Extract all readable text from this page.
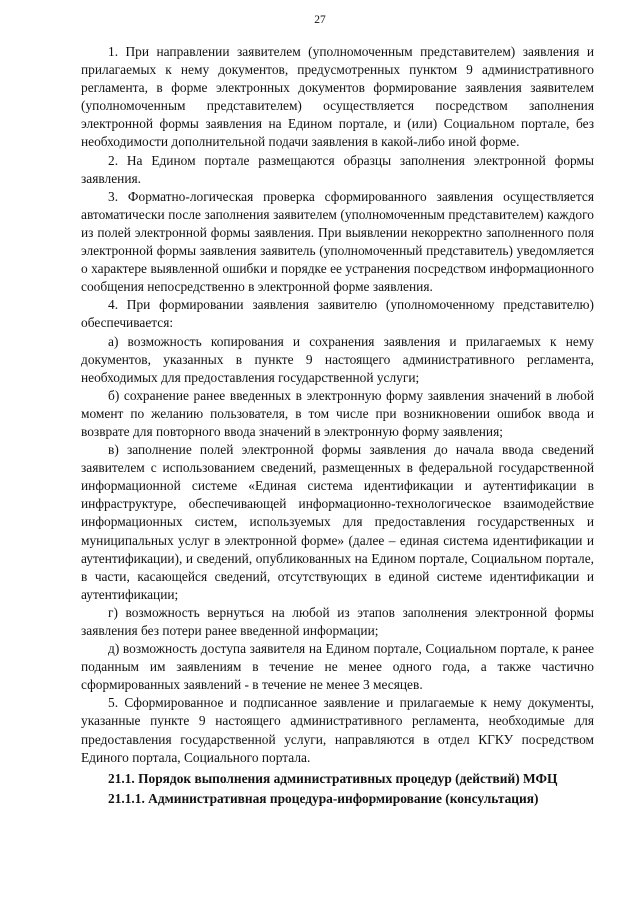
27

1. При направлении заявителем (уполномоченным представителем) заявления и прилагаемых к нему документов, предусмотренных пунктом 9 административного регламента, в форме электронных документов формирование заявления заявителем (уполномоченным представителем) осуществляется посредством заполнения электронной формы заявления на Едином портале, и (или) Социальном портале, без необходимости дополнительной подачи заявления в какой-либо иной форме.

2. На Едином портале размещаются образцы заполнения электронной формы заявления.

3. Форматно-логическая проверка сформированного заявления осуществляется автоматически после заполнения заявителем (уполномоченным представителем) каждого из полей электронной формы заявления. При выявлении некорректно заполненного поля электронной формы заявления заявитель (уполномоченный представитель) уведомляется о характере выявленной ошибки и порядке ее устранения посредством информационного сообщения непосредственно в электронной форме заявления.

4. При формировании заявления заявителю (уполномоченному представителю) обеспечивается:

а) возможность копирования и сохранения заявления и прилагаемых к нему документов, указанных в пункте 9 настоящего административного регламента, необходимых для предоставления государственной услуги;

б) сохранение ранее введенных в электронную форму заявления значений в любой момент по желанию пользователя, в том числе при возникновении ошибок ввода и возврате для повторного ввода значений в электронную форму заявления;

в) заполнение полей электронной формы заявления до начала ввода сведений заявителем с использованием сведений, размещенных в федеральной государственной информационной системе «Единая система идентификации и аутентификации в инфраструктуре, обеспечивающей информационно-технологическое взаимодействие информационных систем, используемых для предоставления государственных и муниципальных услуг в электронной форме» (далее – единая система идентификации и аутентификации), и сведений, опубликованных на Едином портале, Социальном портале, в части, касающейся сведений, отсутствующих в единой системе идентификации и аутентификации;

г) возможность вернуться на любой из этапов заполнения электронной формы заявления без потери ранее введенной информации;

д) возможность доступа заявителя на Едином портале, Социальном портале, к ранее поданным им заявлениям в течение не менее одного года, а также частично сформированных заявлений - в течение не менее 3 месяцев.

5. Сформированное и подписанное заявление и прилагаемые к нему документы, указанные пункте 9 настоящего административного регламента, необходимые для предоставления государственной услуги, направляются в отдел КГКУ посредством Единого портала, Социального портала.

21.1. Порядок выполнения административных процедур (действий) МФЦ

21.1.1. Административная процедура-информирование (консультация)
